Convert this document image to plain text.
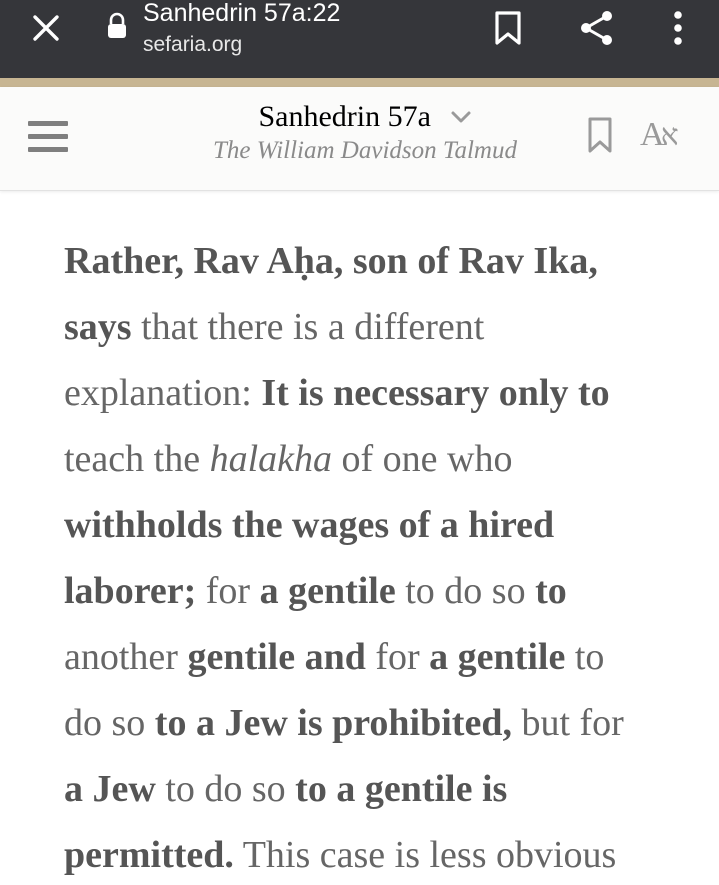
Sanhedrin 57a:22
sefaria.org
Sanhedrin 57a
The William Davidson Talmud	Aא
Rather, Rav Aḥa, son of Rav Ika,
says that there is a different
explanation: It is necessary only to
teach the halakha of one who
withholds the wages of a hired
laborer; for a gentile to do so to
another gentile and for a gentile to
do so to a Jew is prohibited, but for
a Jew to do so to a gentile is
permitted. This case is less obvious
